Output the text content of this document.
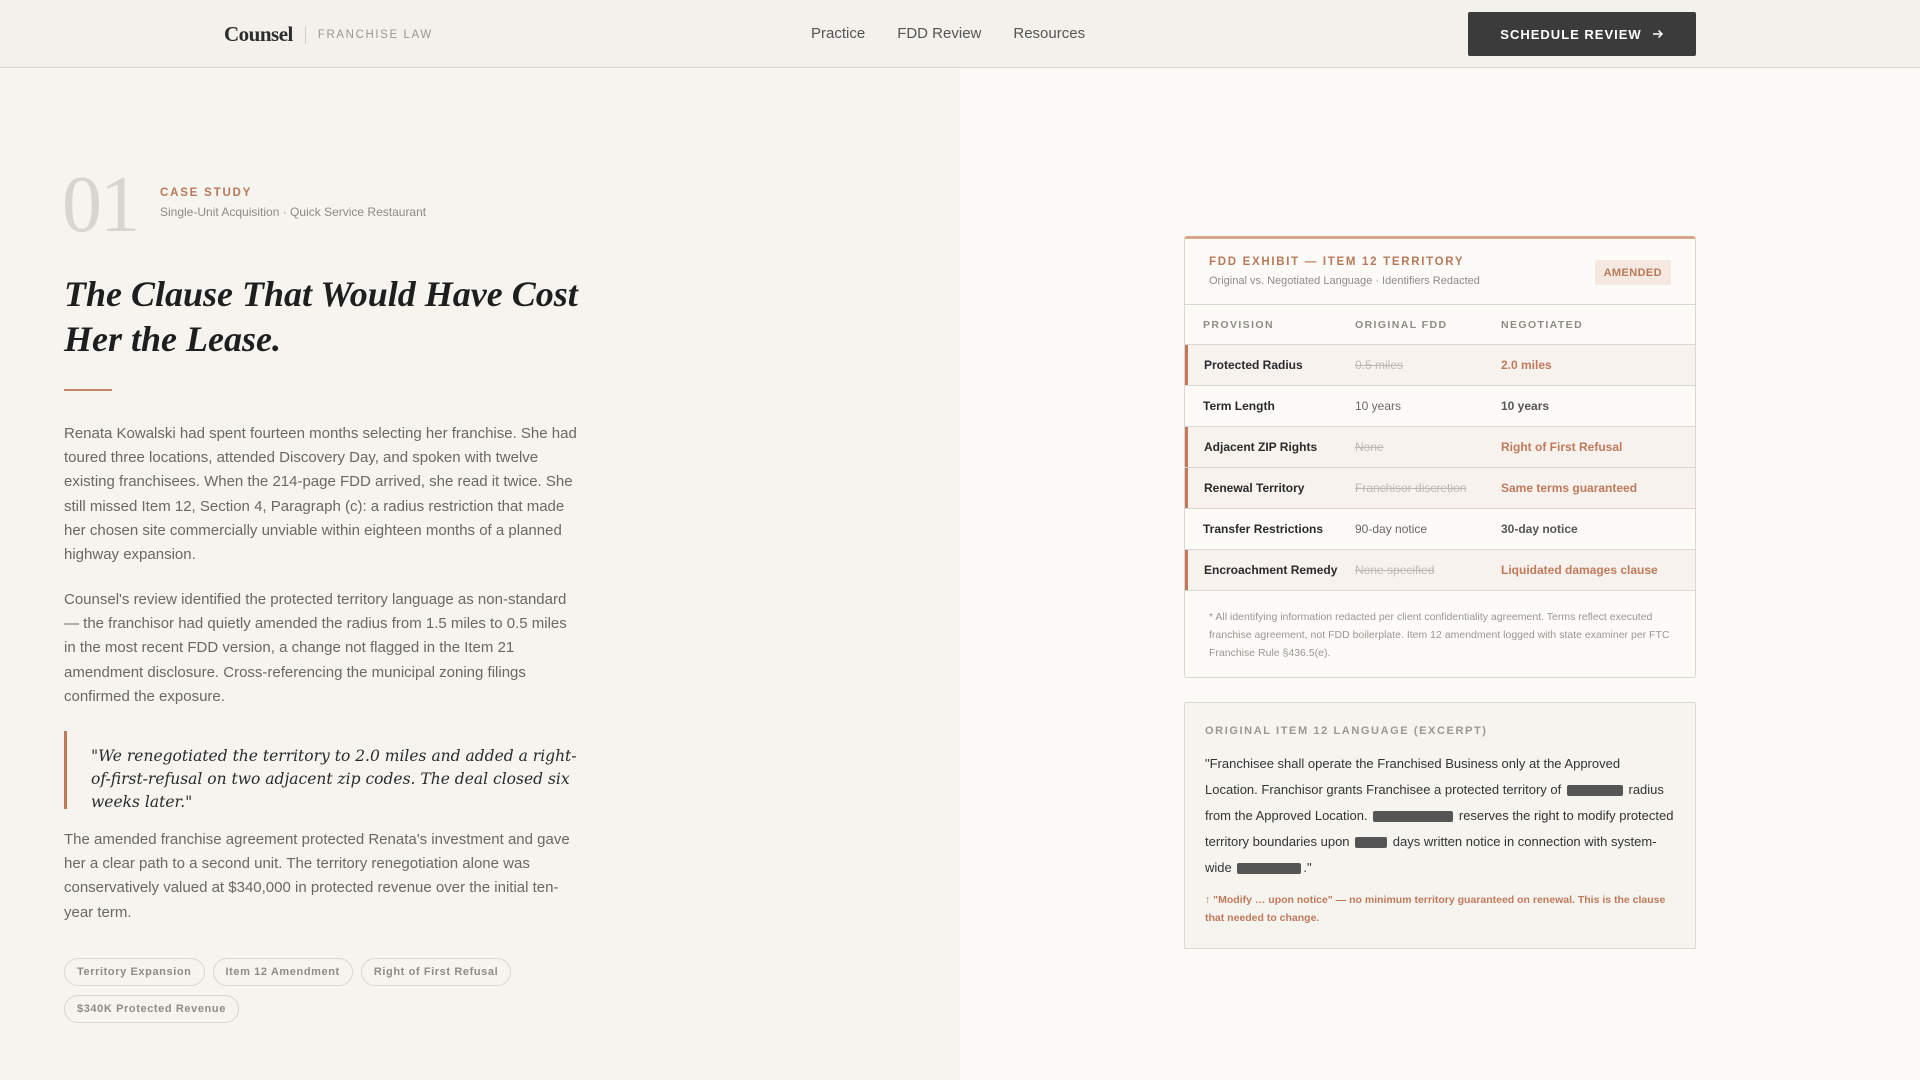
Counsel FRANCHISE LAW	Practice FDD Review Resources	SCHEDULE REVIEW
01 CASE STUDY
Single-Unit Acquisition · Quick Service Restaurant
The Clause That Would Have Cost Her the Lease.

Renata Kowalski had spent fourteen months selecting her franchise. She had toured three locations, attended Discovery Day, and spoken with twelve existing franchisees. When the 214-page FDD arrived, she read it twice. She still missed Item 12, Section 4, Paragraph (c): a radius restriction that made her chosen site commercially unviable within eighteen months of a planned highway expansion.

Counsel's review identified the protected territory language as non-standard — the franchisor had quietly amended the radius from 1.5 miles to 0.5 miles in the most recent FDD version, a change not flagged in the Item 21 amendment disclosure. Cross-referencing the municipal zoning filings confirmed the exposure.

"We renegotiated the territory to 2.0 miles and added a right-of-first-refusal on two adjacent zip codes. The deal closed six weeks later."

The amended franchise agreement protected Renata's investment and gave her a clear path to a second unit. The territory renegotiation alone was conservatively valued at $340,000 in protected revenue over the initial ten-year term.

Territory Expansion	Item 12 Amendment	Right of First Refusal
$340K Protected Revenue
FDD EXHIBIT — ITEM 12 TERRITORY
Original vs. Negotiated Language · Identifiers Redacted
AMENDED
PROVISION	ORIGINAL FDD	NEGOTIATED
Protected Radius	0.5 miles	2.0 miles
Term Length	10 years	10 years
Adjacent ZIP Rights	None	Right of First Refusal
Renewal Territory	Franchisor discretion	Same terms guaranteed
Transfer Restrictions	90-day notice	30-day notice
Encroachment Remedy	None specified	Liquidated damages clause
* All identifying information redacted per client confidentiality agreement. Terms reflect executed franchise agreement, not FDD boilerplate. Item 12 amendment logged with state examiner per FTC Franchise Rule §436.5(e).
ORIGINAL ITEM 12 LANGUAGE (EXCERPT)
"Franchisee shall operate the Franchised Business only at the Approved Location. Franchisor grants Franchisee a protected territory of	radius from the Approved Location.	reserves the right to modify protected territory boundaries upon	days written notice in connection with system-wide	."
↑ "Modify … upon notice" — no minimum territory guaranteed on renewal. This is the clause that needed to change.
